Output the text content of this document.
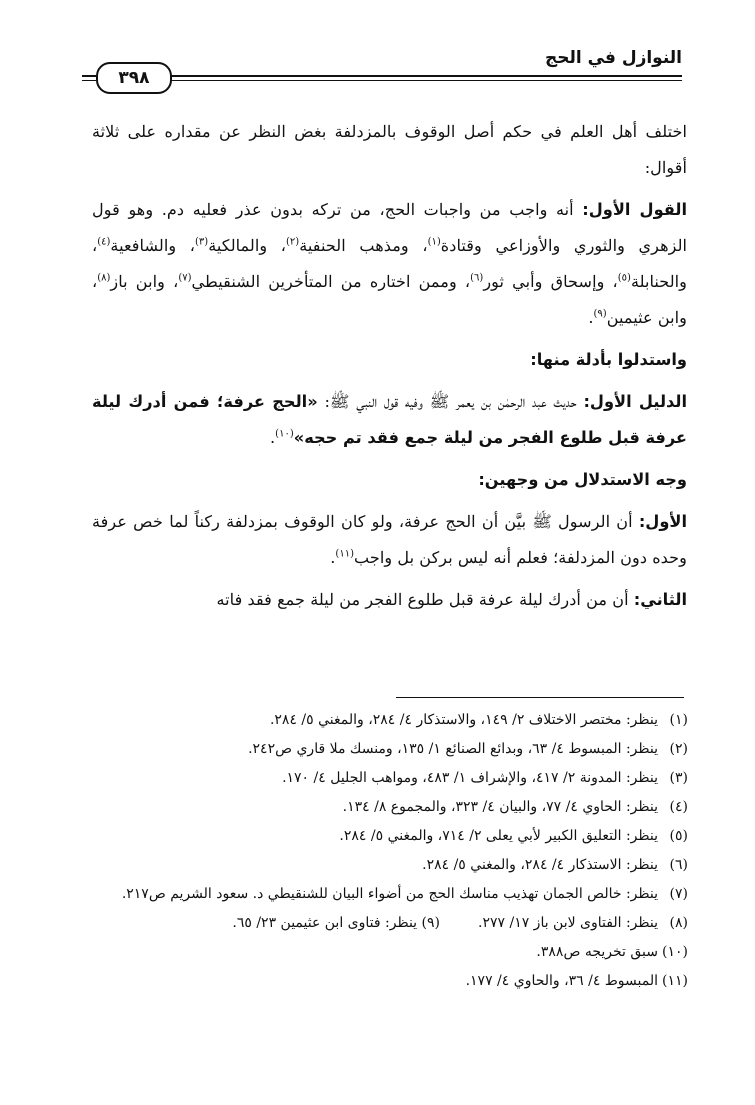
النوازل في الحج
٣٩٨

اختلف أهل العلم في حكم أصل الوقوف بالمزدلفة بغض النظر عن مقداره على ثلاثة أقوال:

القول الأول: أنه واجب من واجبات الحج، من تركه بدون عذر فعليه دم. وهو قول الزهري والثوري والأوزاعي وقتادة$^{(١)}$، ومذهب الحنفية$^{(٢)}$، والمالكية$^{(٣)}$، والشافعية$^{(٤)}$، والحنابلة$^{(٥)}$، وإسحاق وأبي ثور$^{(٦)}$، وممن اختاره من المتأخرين الشنقيطي$^{(٧)}$، وابن باز$^{(٨)}$، وابن عثيمين$^{(٩)}$.

واستدلوا بأدلة منها:

الدليل الأول: حديث عبد الرحمٰن بن يعمر ﷺ وفيه قول النبي ﷺ: «الحج عرفة؛ فمن أدرك ليلة عرفة قبل طلوع الفجر من ليلة جمع فقد تم حجه»$^{(١٠)}$.

وجه الاستدلال من وجهين:

الأول: أن الرسول ﷺ بيَّن أن الحج عرفة، ولو كان الوقوف بمزدلفة ركناً لما خص عرفة وحده دون المزدلفة؛ فعلم أنه ليس بركن بل واجب$^{(١١)}$.

الثاني: أن من أدرك ليلة عرفة قبل طلوع الفجر من ليلة جمع فقد فاته

(١)
ينظر: مختصر الاختلاف ٢/ ١٤٩، والاستذكار ٤/ ٢٨٤، والمغني ٥/ ٢٨٤.
(٢)
ينظر: المبسوط ٤/ ٦٣، وبدائع الصنائع ١/ ١٣٥، ومنسك ملا قاري ص٢٤٢.
(٣)
ينظر: المدونة ٢/ ٤١٧، والإشراف ١/ ٤٨٣، ومواهب الجليل ٤/ ١٧٠.
(٤)
ينظر: الحاوي ٤/ ٧٧، والبيان ٤/ ٣٢٣، والمجموع ٨/ ١٣٤.
(٥)
ينظر: التعليق الكبير لأبي يعلى ٢/ ٧١٤، والمغني ٥/ ٢٨٤.
(٦)
ينظر: الاستذكار ٤/ ٢٨٤، والمغني ٥/ ٢٨٤.
(٧)
ينظر: خالص الجمان تهذيب مناسك الحج من أضواء البيان للشنقيطي د. سعود الشريم ص٢١٧.
(٨)
ينظر: الفتاوى لابن باز ١٧/ ٢٧٧.(٩) ينظر: فتاوى ابن عثيمين ٢٣/ ٦٥.
(١٠)
سبق تخريجه ص٣٨٨.
(١١)
المبسوط ٤/ ٣٦، والحاوي ٤/ ١٧٧.
